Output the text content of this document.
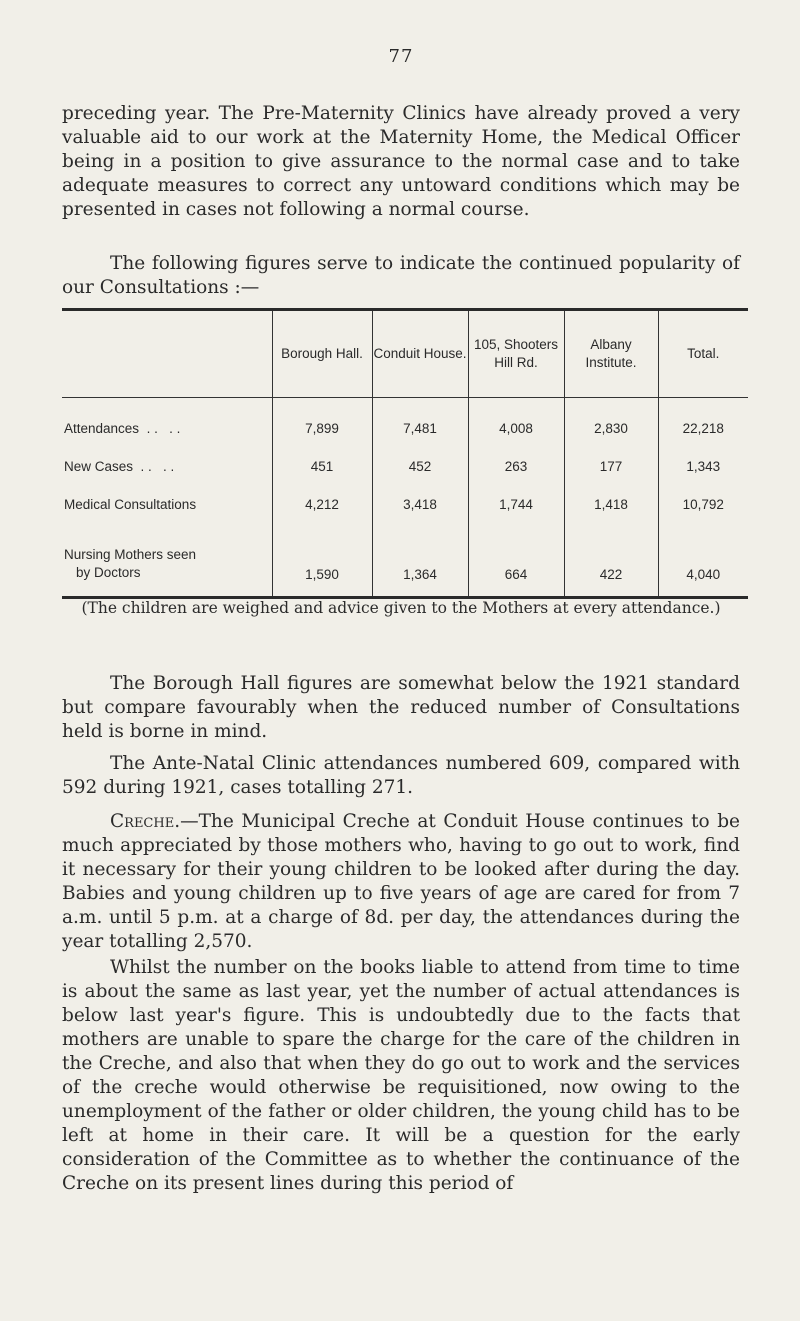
77

preceding year. The Pre-Maternity Clinics have already proved a very valuable aid to our work at the Maternity Home, the Medical Officer being in a position to give assurance to the normal case and to take adequate measures to correct any untoward conditions which may be presented in cases not following a normal course.

The following figures serve to indicate the continued popularity of our Consultations :—

	Borough Hall.	Conduit House.	105, Shooters Hill Rd.	Albany Institute.	Total.
Attendances . .	7,899	7,481	4,008	2,830	22,218
New Cases . .	451	452	263	177	1,343
Medical Consultations	4,212	3,418	1,744	1,418	10,792
Nursing Mothers seen
by Doctors	1,590	1,364	664	422	4,040
(The children are weighed and advice given to the Mothers at every attendance.)

The Borough Hall figures are somewhat below the 1921 standard but compare favourably when the reduced number of Consultations held is borne in mind.

The Ante-Natal Clinic attendances numbered 609, compared with 592 during 1921, cases totalling 271.

Creche.—The Municipal Creche at Conduit House continues to be much appreciated by those mothers who, having to go out to work, find it necessary for their young children to be looked after during the day. Babies and young children up to five years of age are cared for from 7 a.m. until 5 p.m. at a charge of 8d. per day, the attendances during the year totalling 2,570.

Whilst the number on the books liable to attend from time to time is about the same as last year, yet the number of actual attendances is below last year's figure. This is undoubtedly due to the facts that mothers are unable to spare the charge for the care of the children in the Creche, and also that when they do go out to work and the services of the creche would otherwise be requisitioned, now owing to the unemployment of the father or older children, the young child has to be left at home in their care. It will be a question for the early consideration of the Committee as to whether the continuance of the Creche on its present lines during this period of
